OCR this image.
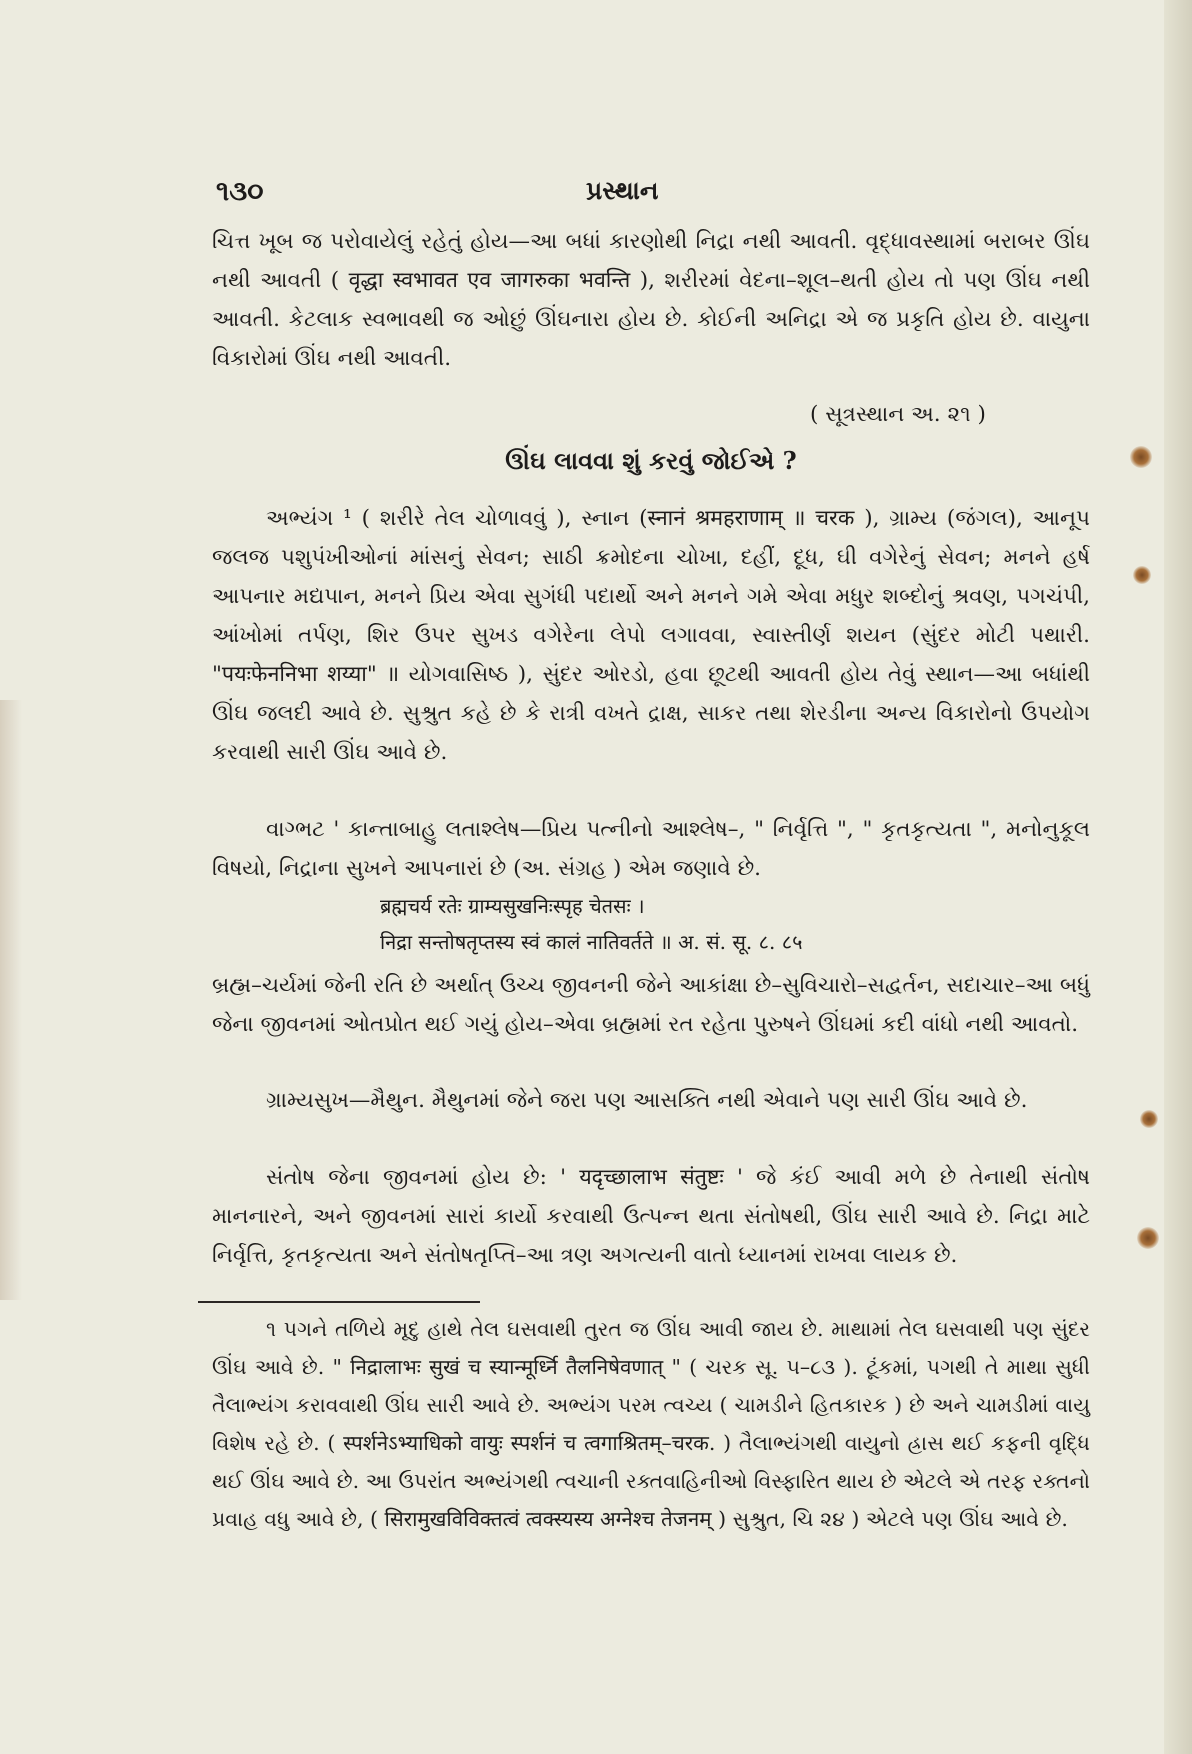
૧૩૦	પ્રસ્થાન

ચિત્ત ખૂબ જ પરોવાયેલું રહેતું હોય—આ બધાં કારણોથી નિદ્રા નથી આવતી. વૃદ્ધાવસ્થામાં બરાબર ઊંઘ નથી આવતી ( वृद्धा स्वभावत एव जागरुका भवन्ति ), શરીરમાં વેદના–શૂલ–થતી હોય તો પણ ઊંઘ નથી આવતી. કેટલાક સ્વભાવથી જ ઓછું ઊંઘનારા હોય છે. કોઈની અનિદ્રા એ જ પ્રકૃતિ હોય છે. વાયુના વિકારોમાં ઊંઘ નથી આવતી.

( સૂત્રસ્થાન અ. ૨૧ )
ઊંઘ લાવવા શું કરવું જોઈએ ?

અભ્યંગ ¹ ( શરીરે તેલ ચોળાવવું ), સ્નાન (स्नानं श्रमहराणाम् ॥ चरक ), ગ્રામ્ય (જંગલ), આનૂપ જલજ પશુપંખીઓનાં માંસનું સેવન; સાઠી ક્રમોદના ચોખા, દહીં, દૂધ, ઘી વગેરેનું સેવન; મનને હર્ષ આપનાર મદ્યપાન, મનને પ્રિય એવા સુગંધી પદાર્થો અને મનને ગમે એવા મધુર શબ્દોનું શ્રવણ, પગચંપી, આંખોમાં તર્પણ, શિર ઉપર સુખડ વગેરેના લેપો લગાવવા, સ્વાસ્તીર્ણ શયન (સુંદર મોટી પથારી. "पयःफेननिभा शय्या" ॥ યોગવાસિષ્ઠ ), સુંદર ઓરડો, હવા છૂટથી આવતી હોય તેવું સ્થાન—આ બધાંથી ઊંઘ જલદી આવે છે. સુશ્રુત કહે છે કે રાત્રી વખતે દ્રાક્ષ, સાકર તથા શેરડીના અન્ય વિકારોનો ઉપયોગ કરવાથી સારી ઊંઘ આવે છે.

વાગ્ભટ ' કાન્તાબાહુ લતાશ્લેષ—પ્રિય પત્નીનો આશ્લેષ–, " નિર્વૃત્તિ ", " કૃતકૃત્યતા ", મનોનુકૂલ વિષયો, નિદ્રાના સુખને આપનારાં છે (અ. સંગ્રહ ) એમ જણાવે છે.

ब्रह्मचर्य रतेः ग्राम्यसुखनिःस्पृह चेतसः ।
निद्रा सन्तोषतृप्तस्य स्वं कालं नातिवर्तते ॥ अ. सं. सू. ८. ८५

બ્રહ્મ–ચર્યમાં જેની રતિ છે અર્થાત્ ઉચ્ચ જીવનની જેને આકાંક્ષા છે–સુવિચારો–સદ્વર્તન, સદાચાર–આ બધું જેના જીવનમાં ઓતપ્રોત થઈ ગયું હોય–એવા બ્રહ્મમાં રત રહેતા પુરુષને ઊંઘમાં કદી વાંધો નથી આવતો.

ગ્રામ્યસુખ—મૈથુન. મૈથુનમાં જેને જરા પણ આસક્તિ નથી એવાને પણ સારી ઊંઘ આવે છે.

સંતોષ જેના જીવનમાં હોય છે: ' यदृच्छालाभ संतुष्टः ' જે કંઈ આવી મળે છે તેનાથી સંતોષ માનનારને, અને જીવનમાં સારાં કાર્યો કરવાથી ઉત્પન્ન થતા સંતોષથી, ઊંઘ સારી આવે છે. નિદ્રા માટે નિર્વૃત્તિ, કૃતકૃત્યતા અને સંતોષતૃપ્તિ–આ ત્રણ અગત્યની વાતો ધ્યાનમાં રાખવા લાયક છે.

૧ પગને તળિયે મૃદુ હાથે તેલ ઘસવાથી તુરત જ ઊંઘ આવી જાય છે. માથામાં તેલ ઘસવાથી પણ સુંદર ઊંઘ આવે છે. " निद्रालाभः सुखं च स्यान्मूर्ध्नि तैलनिषेवणात् " ( ચરક સૂ. ૫–૮૩ ). ટૂંકમાં, પગથી તે માથા સુધી તૈલાભ્યંગ કરાવવાથી ઊંઘ સારી આવે છે. અભ્યંગ પરમ ત્વચ્ય ( ચામડીને હિતકારક ) છે અને ચામડીમાં વાયુ વિશેષ રહે છે. ( स्पर्शनेऽभ्याधिको वायुः स्पर्शनं च त्वगाश्रितम्–चरक. ) તૈલાભ્યંગથી વાયુનો હ્રાસ થઈ કફની વૃદ્ધિ થઈ ઊંઘ આવે છે. આ ઉપરાંત અભ્યંગથી ત્વચાની રક્તવાહિનીઓ વિસ્ફારિત થાય છે એટલે એ તરફ રક્તનો પ્રવાહ વધુ આવે છે, ( सिरामुखविविक्तत्वं त्वक्स्यस्य अग्नेश्च तेजनम् ) સુશ્રુત, ચિ ૨૪ ) એટલે પણ ઊંઘ આવે છે.
